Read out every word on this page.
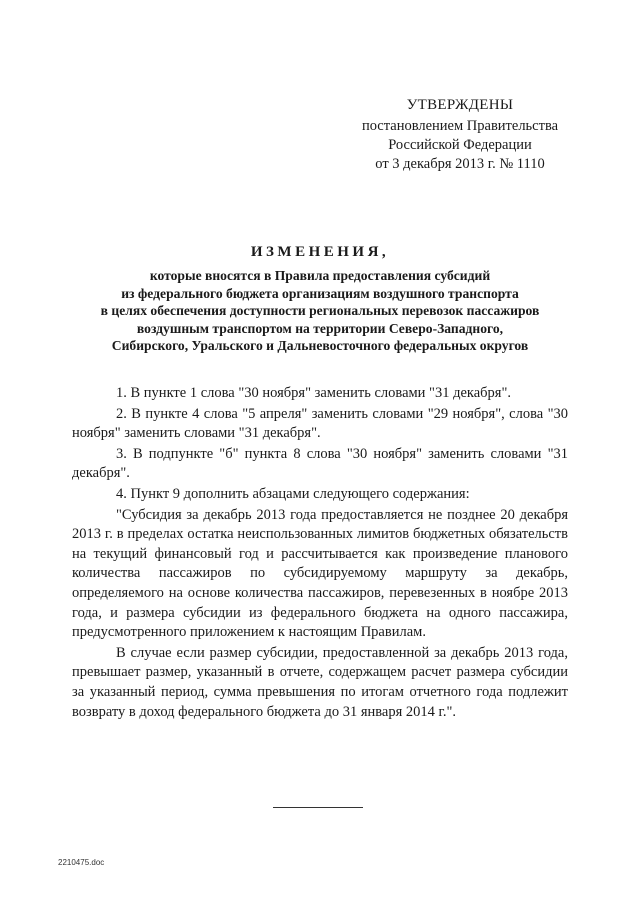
УТВЕРЖДЕНЫ
постановлением Правительства
Российской Федерации
от 3 декабря 2013 г. № 1110
ИЗМЕНЕНИЯ,
которые вносятся в Правила предоставления субсидий
из федерального бюджета организациям воздушного транспорта
в целях обеспечения доступности региональных перевозок пассажиров
воздушным транспортом на территории Северо-Западного,
Сибирского, Уральского и Дальневосточного федеральных округов

1. В пункте 1 слова "30 ноября" заменить словами "31 декабря".

2. В пункте 4 слова "5 апреля" заменить словами "29 ноября", слова "30 ноября" заменить словами "31 декабря".

3. В подпункте "б" пункта 8 слова "30 ноября" заменить словами "31 декабря".

4. Пункт 9 дополнить абзацами следующего содержания:

"Субсидия за декабрь 2013 года предоставляется не позднее 20 декабря 2013 г. в пределах остатка неиспользованных лимитов бюджетных обязательств на текущий финансовый год и рассчитывается как произведение планового количества пассажиров по субсидируемому маршруту за декабрь, определяемого на основе количества пассажиров, перевезенных в ноябре 2013 года, и размера субсидии из федерального бюджета на одного пассажира, предусмотренного приложением к настоящим Правилам.

В случае если размер субсидии, предоставленной за декабрь 2013 года, превышает размер, указанный в отчете, содержащем расчет размера субсидии за указанный период, сумма превышения по итогам отчетного года подлежит возврату в доход федерального бюджета до 31 января 2014 г.".

2210475.doc
